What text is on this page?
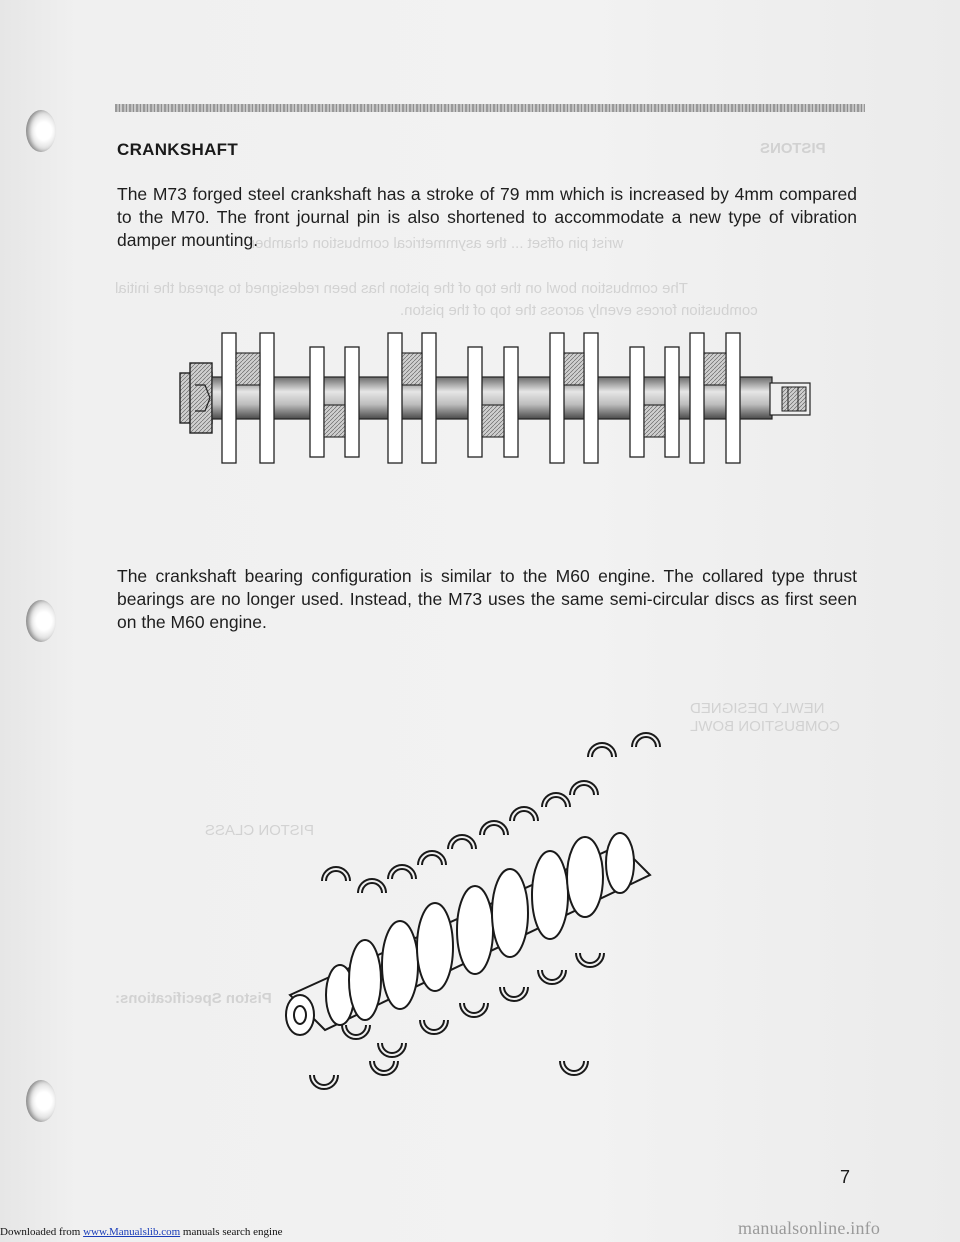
PISTONS
wrist pin offset ... the asymmetrical combustion chamber
The combustion bowl on the top of the piston has been redesigned to spread the initial
combustion forces evenly across the top of the piston.
NEWLY DESIGNED
COMBUSTION BOWL
PISTON CLASS
Piston Specifications:
CRANKSHAFT

The M73 forged steel crankshaft has a stroke of 79 mm which is increased by 4mm compared to the M70. The front journal pin is also shortened to accommodate a new type of vibration damper mounting.

The crankshaft bearing configuration is similar to the M60 engine. The collared type thrust bearings are no longer used. Instead, the M73 uses the same semi-circular discs as first seen on the M60 engine.

7
Downloaded from www.Manualslib.com manuals search engine	manualsonline.info
